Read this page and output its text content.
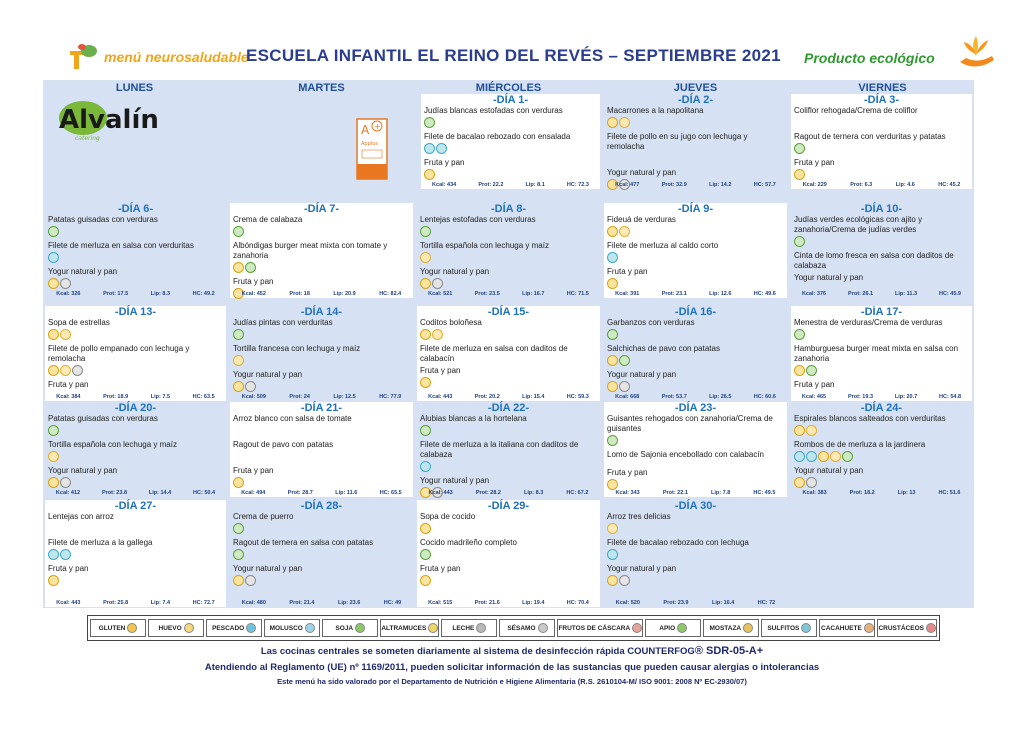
menú neurosaludable
ESCUELA INFANTIL EL REINO DEL REVÉS – SEPTIEMBRE 2021 Producto ecológico
LUNES	MARTES	MIÉRCOLES	JUEVES	VIERNES
Alvalín
catering
A +
Applus
-DÍA 1-
Judías blancas estofadas con verduras
Filete de bacalao rebozado con ensalada
Fruta y pan
Kcal: 434	Prot: 22.2	Lip: 8.1	HC: 72.3
-DÍA 2-
Macarrones a la napolitana
Filete de pollo en su jugo con lechuga y remolacha
Yogur natural y pan
Kcal: 477	Prot: 32.9	Lip: 14.2	HC: 57.7
-DÍA 3-
Coliflor rehogada/Crema de coliflor
Ragout de ternera con verduritas y patatas
Fruta y pan
Kcal: 229	Prot: 6.3	Lip: 4.6	HC: 45.2
-DÍA 6-
Patatas guisadas con verduras
Filete de merluza en salsa con verduritas
Yogur natural y pan
Kcal: 326	Prot: 17.5	Lip: 8.3	HC: 49.2
-DÍA 7-
Crema de calabaza
Albóndigas burger meat mixta con tomate y zanahoria
Fruta y pan
Kcal: 452	Prot: 18	Lip: 20.9	HC: 82.4
-DÍA 8-
Lentejas estofadas con verduras
Tortilla española con lechuga y maíz
Yogur natural y pan
Kcal: 521	Prot: 23.5	Lip: 16.7	HC: 71.5
-DÍA 9-
Fideuá de verduras
Filete de merluza al caldo corto
Fruta y pan
Kcal: 391	Prot: 23.1	Lip: 12.6	HC: 49.6
-DÍA 10-
Judías verdes ecológicas con ajito y zanahoria/Crema de judías verdes
Cinta de lomo fresca en salsa con daditos de calabaza
Yogur natural y pan
Kcal: 376	Prot: 26.1	Lip: 11.3	HC: 45.9
-DÍA 13-
Sopa de estrellas
Filete de pollo empanado con lechuga y remolacha
Fruta y pan
Kcal: 384	Prot: 18.9	Lip: 7.5	HC: 63.5
-DÍA 14-
Judías pintas con verduritas
Tortilla francesa con lechuga y maíz
Yogur natural y pan
Kcal: 509	Prot: 24	Lip: 12.5	HC: 77.9
-DÍA 15-
Coditos boloñesa
Filete de merluza en salsa con daditos de calabacín
Fruta y pan
Kcal: 443	Prot: 20.2	Lip: 15.4	HC: 59.3
-DÍA 16-
Garbanzos con verduras
Salchichas de pavo con patatas
Yogur natural y pan
Kcal: 668	Prot: 53.7	Lip: 26.5	HC: 60.6
-DÍA 17-
Menestra de verduras/Crema de verduras
Hamburguesa burger meat mixta en salsa con zanahoria
Fruta y pan
Kcal: 465	Prot: 19.3	Lip: 20.7	HC: 54.8
-DÍA 20-
Patatas guisadas con verduras
Tortilla española con lechuga y maíz
Yogur natural y pan
Kcal: 412	Prot: 23.8	Lip: 14.4	HC: 50.4
-DÍA 21-
Arroz blanco con salsa de tomate
Ragout de pavo con patatas
Fruta y pan
Kcal: 494	Prot: 28.7	Lip: 11.6	HC: 65.5
-DÍA 22-
Alubias blancas a la hortelana
Filete de merluza a la italiana con daditos de calabaza
Yogur natural y pan
Kcal: 443	Prot: 28.2	Lip: 8.3	HC: 67.2
-DÍA 23-
Guisantes rehogados con zanahoria/Crema de guisantes
Lomo de Sajonia encebollado con calabacín
Fruta y pan
Kcal: 343	Prot: 22.1	Lip: 7.8	HC: 49.5
-DÍA 24-
Espirales blancos salteados con verduritas
Rombos de de merluza a la jardinera
Yogur natural y pan
Kcal: 383	Prot: 18.2	Lip: 13	HC: 51.6
-DÍA 27-
Lentejas con arroz
Filete de merluza a la gallega
Fruta y pan
Kcal: 443	Prot: 25.8	Lip: 7.4	HC: 72.7
-DÍA 28-
Crema de puerro
Ragout de ternera en salsa con patatas
Yogur natural y pan
Kcal: 480	Prot: 21.4	Lip: 23.6	HC: 49
-DÍA 29-
Sopa de cocido
Cocido madrileño completo
Fruta y pan
Kcal: 515	Prot: 21.6	Lip: 19.4	HC: 70.4
-DÍA 30-
Arroz tres delicias
Filete de bacalao rebozado con lechuga
Yogur natural y pan
Kcal: 520	Prot: 23.9	Lip: 16.4	HC: 72
GLUTEN	HUEVO	PESCADO	MOLUSCO	SOJA	ALTRAMUCES	LECHE	SÉSAMO	FRUTOS DE CÁSCARA	APIO	MOSTAZA	SULFITOS	CACAHUETE	CRUSTÁCEOS
Las cocinas centrales se someten diariamente al sistema de desinfección rápida COUNTERFOG® SDR-05-A+
Atendiendo al Reglamento (UE) nº 1169/2011, pueden solicitar información de las sustancias que pueden causar alergias o intolerancias
Este menú ha sido valorado por el Departamento de Nutrición e Higiene Alimentaria (R.S. 2610104-M/ ISO 9001: 2008 Nº EC-2930/07)
